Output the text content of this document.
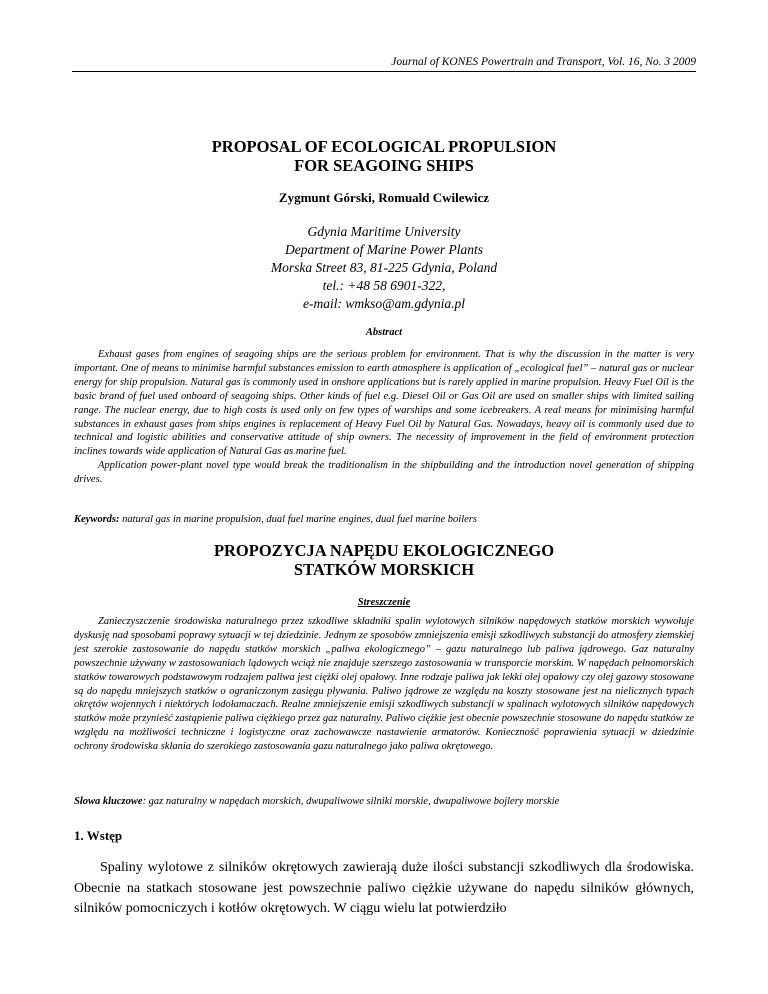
Journal of KONES Powertrain and Transport, Vol. 16, No. 3 2009
PROPOSAL OF ECOLOGICAL PROPULSION
FOR SEAGOING SHIPS
Zygmunt Górski, Romuald Cwilewicz
Gdynia Maritime University
Department of Marine Power Plants
Morska Street 83, 81-225 Gdynia, Poland
tel.: +48 58 6901-322,
e-mail: wmkso@am.gdynia.pl
Abstract

Exhaust gases from engines of seagoing ships are the serious problem for environment. That is why the discussion in the matter is very important. One of means to minimise harmful substances emission to earth atmosphere is application of „ecological fuel” – natural gas or nuclear energy for ship propulsion. Natural gas is commonly used in onshore applications but is rarely applied in marine propulsion. Heavy Fuel Oil is the basic brand of fuel used onboard of seagoing ships. Other kinds of fuel e.g. Diesel Oil or Gas Oil are used on smaller ships with limited sailing range. The nuclear energy, due to high costs is used only on few types of warships and some icebreakers. A real means for minimising harmful substances in exhaust gases from ships engines is replacement of Heavy Fuel Oil by Natural Gas. Nowadays, heavy oil is commonly used due to technical and logistic abilities and conservative attitude of ship owners. The necessity of improvement in the field of environment protection inclines towards wide application of Natural Gas as marine fuel.

Application power-plant novel type would break the traditionalism in the shipbuilding and the introduction novel generation of shipping drives.

Keywords: natural gas in marine propulsion, dual fuel marine engines, dual fuel marine boilers
PROPOZYCJA NAPĘDU EKOLOGICZNEGO
STATKÓW MORSKICH
Streszczenie

Zanieczyszczenie środowiska naturalnego przez szkodliwe składniki spalin wylotowych silników napędowych statków morskich wywołuje dyskusję nad sposobami poprawy sytuacji w tej dziedzinie. Jednym ze sposobów zmniejszenia emisji szkodliwych substancji do atmosfery ziemskiej jest szerokie zastosowanie do napędu statków morskich „paliwa ekologicznego” – gazu naturalnego lub paliwa jądrowego. Gaz naturalny powszechnie używany w zastosowaniach lądowych wciąż nie znajduje szerszego zastosowania w transporcie morskim. W napędach pełnomorskich statków towarowych podstawowym rodzajem paliwa jest ciężki olej opałowy. Inne rodzaje paliwa jak lekki olej opałowy czy olej gazowy stosowane są do napędu mniejszych statków o ograniczonym zasięgu pływania. Paliwo jądrowe ze względu na koszty stosowane jest na nielicznych typach okrętów wojennych i niektórych lodołamaczach. Realne zmniejszenie emisji szkodliwych substancji w spalinach wylotowych silników napędowych statków może przynieść zastąpienie paliwa ciężkiego przez gaz naturalny. Paliwo ciężkie jest obecnie powszechnie stosowane do napędu statków ze względu na możliwości techniczne i logistyczne oraz zachowawcze nastawienie armatorów. Konieczność poprawienia sytuacji w dziedzinie ochrony środowiska skłania do szerokiego zastosowania gazu naturalnego jako paliwa okrętowego.

Słowa kluczowe: gaz naturalny w napędach morskich, dwupaliwowe silniki morskie, dwupaliwowe bojlery morskie
1. Wstęp

Spaliny wylotowe z silników okrętowych zawierają duże ilości substancji szkodliwych dla środowiska. Obecnie na statkach stosowane jest powszechnie paliwo ciężkie używane do napędu silników głównych, silników pomocniczych i kotłów okrętowych. W ciągu wielu lat potwierdziło
